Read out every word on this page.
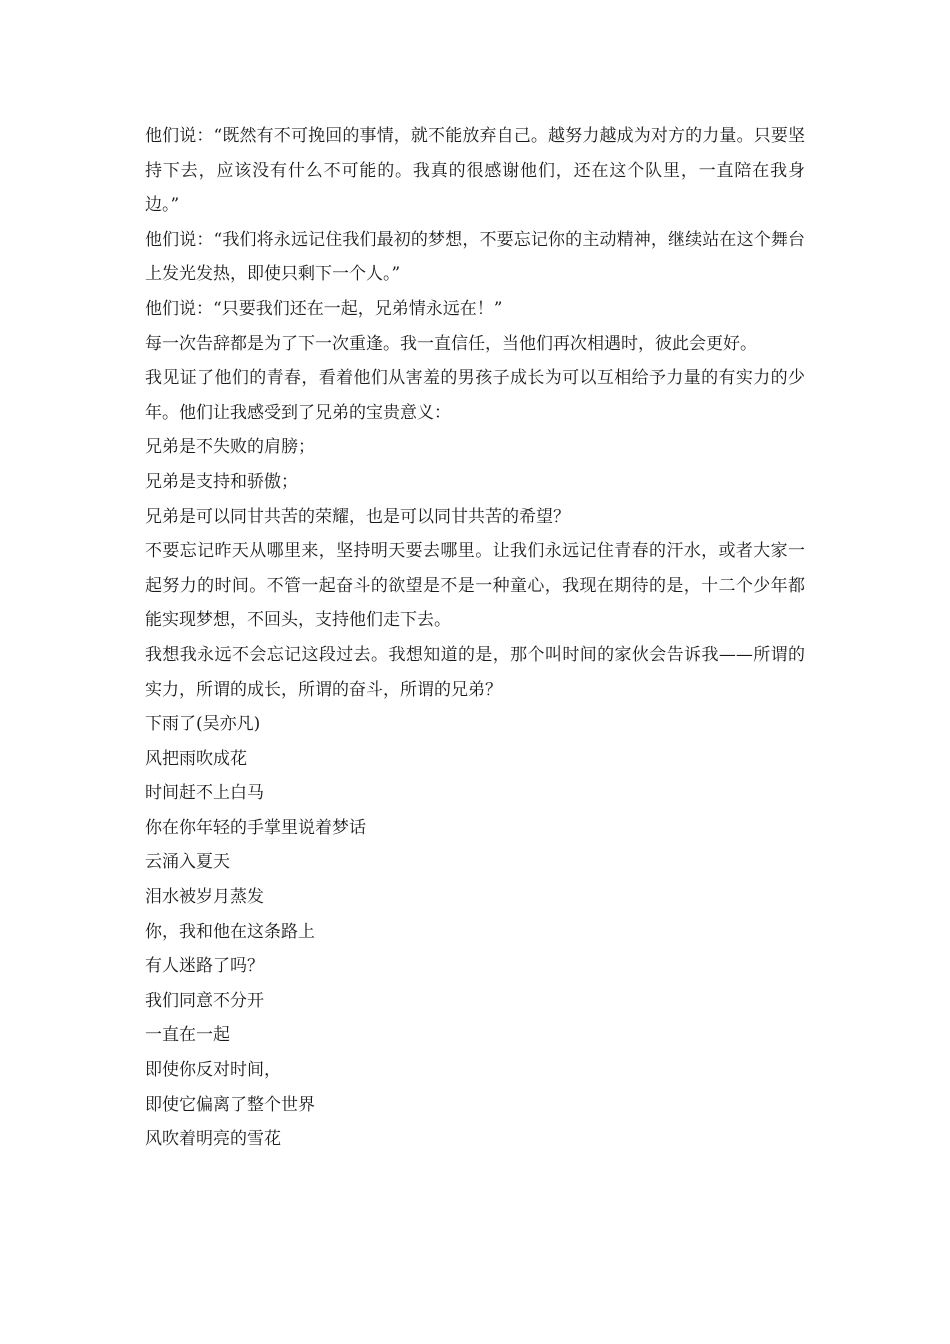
他们说：“既然有不可挽回的事情，就不能放弃自己。越努力越成为对方的力量。只要坚持下去，应该没有什么不可能的。我真的很感谢他们，还在这个队里，一直陪在我身边。”

他们说：“我们将永远记住我们最初的梦想，不要忘记你的主动精神，继续站在这个舞台上发光发热，即使只剩下一个人。”

他们说：“只要我们还在一起，兄弟情永远在！”

每一次告辞都是为了下一次重逢。我一直信任，当他们再次相遇时，彼此会更好。

我见证了他们的青春，看着他们从害羞的男孩子成长为可以互相给予力量的有实力的少年。他们让我感受到了兄弟的宝贵意义：

兄弟是不失败的肩膀；

兄弟是支持和骄傲；

兄弟是可以同甘共苦的荣耀，也是可以同甘共苦的希望？

不要忘记昨天从哪里来，坚持明天要去哪里。让我们永远记住青春的汗水，或者大家一起努力的时间。不管一起奋斗的欲望是不是一种童心，我现在期待的是，十二个少年都能实现梦想，不回头，支持他们走下去。

我想我永远不会忘记这段过去。我想知道的是，那个叫时间的家伙会告诉我——所谓的实力，所谓的成长，所谓的奋斗，所谓的兄弟？

下雨了(吴亦凡)

风把雨吹成花

时间赶不上白马

你在你年轻的手掌里说着梦话

云涌入夏天

泪水被岁月蒸发

你，我和他在这条路上

有人迷路了吗？

我们同意不分开

一直在一起

即使你反对时间，

即使它偏离了整个世界

风吹着明亮的雪花
